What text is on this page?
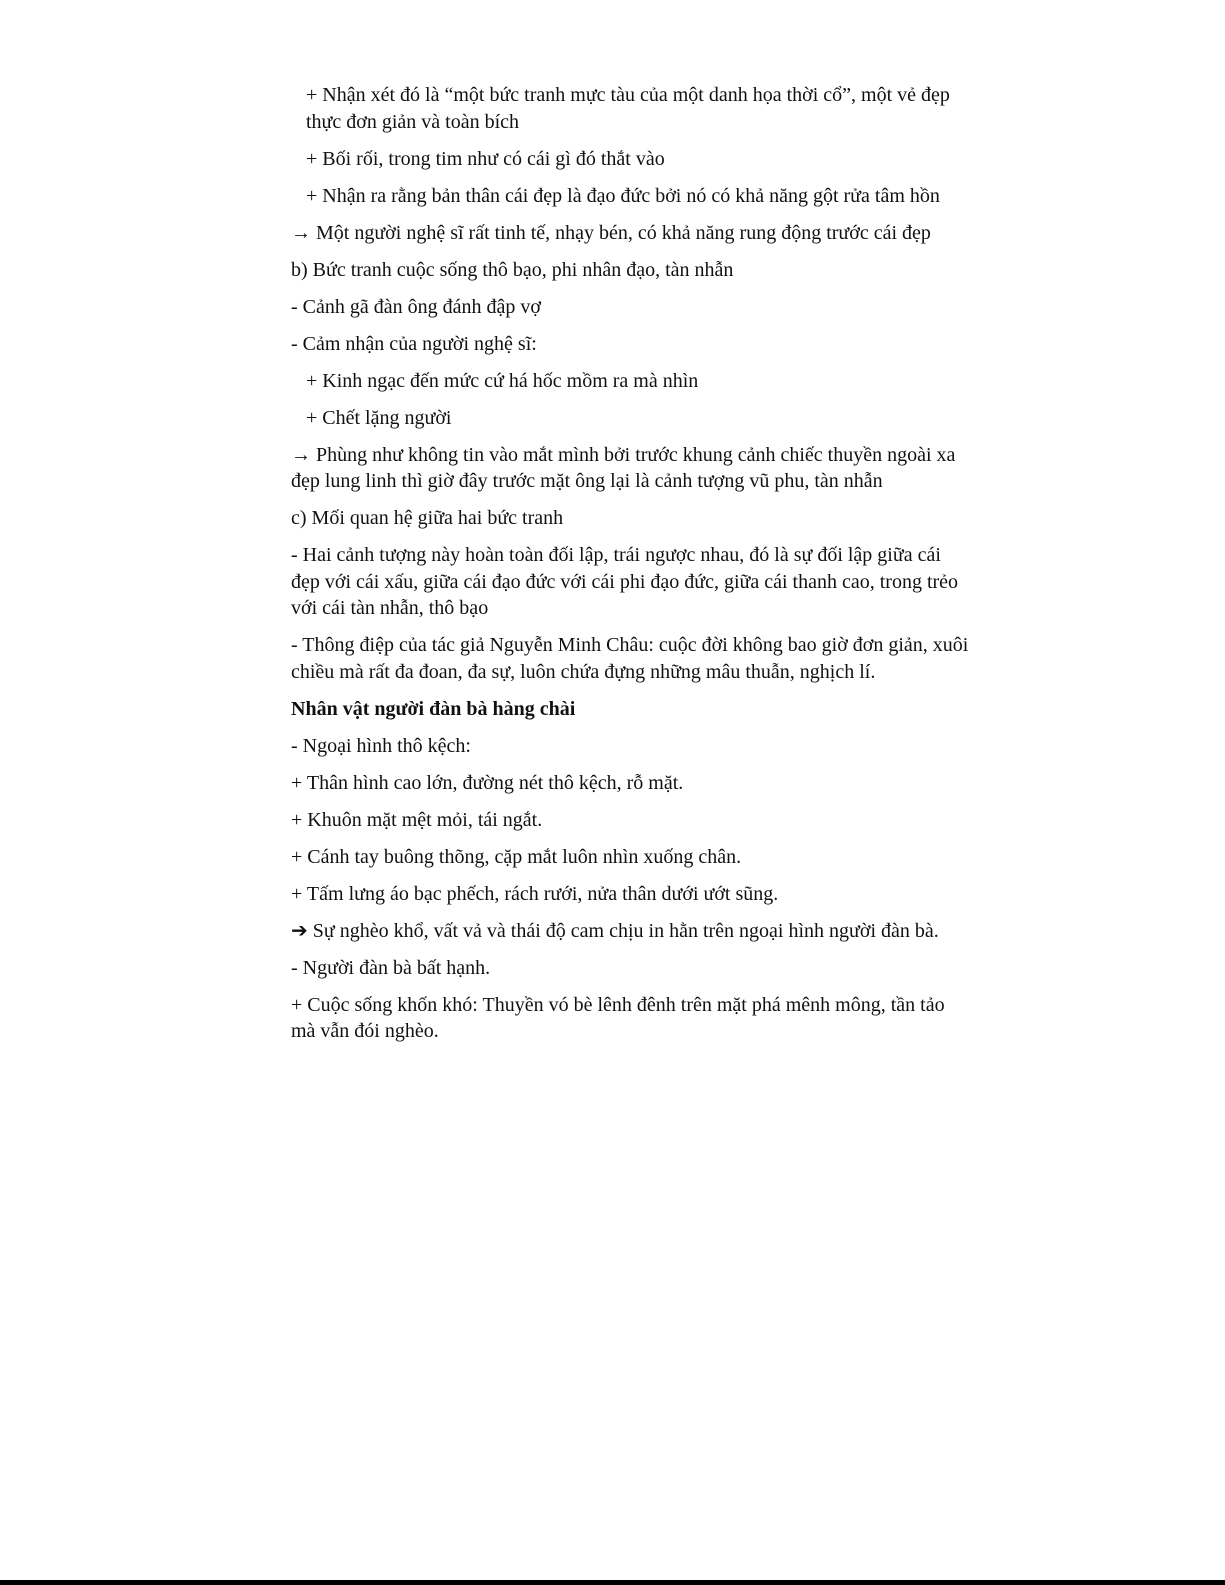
+ Nhận xét đó là “một bức tranh mực tàu của một danh họa thời cổ”, một vẻ đẹp thực đơn giản và toàn bích

+ Bối rối, trong tim như có cái gì đó thắt vào

+ Nhận ra rằng bản thân cái đẹp là đạo đức bởi nó có khả năng gột rửa tâm hồn

→ Một người nghệ sĩ rất tinh tế, nhạy bén, có khả năng rung động trước cái đẹp

b) Bức tranh cuộc sống thô bạo, phi nhân đạo, tàn nhẫn

- Cảnh gã đàn ông đánh đập vợ

- Cảm nhận của người nghệ sĩ:

+ Kinh ngạc đến mức cứ há hốc mồm ra mà nhìn

+ Chết lặng người

→ Phùng như không tin vào mắt mình bởi trước khung cảnh chiếc thuyền ngoài xa đẹp lung linh thì giờ đây trước mặt ông lại là cảnh tượng vũ phu, tàn nhẫn

c) Mối quan hệ giữa hai bức tranh

- Hai cảnh tượng này hoàn toàn đối lập, trái ngược nhau, đó là sự đối lập giữa cái đẹp với cái xấu, giữa cái đạo đức với cái phi đạo đức, giữa cái thanh cao, trong trẻo với cái tàn nhẫn, thô bạo

- Thông điệp của tác giả Nguyễn Minh Châu: cuộc đời không bao giờ đơn giản, xuôi chiều mà rất đa đoan, đa sự, luôn chứa đựng những mâu thuẫn, nghịch lí.

Nhân vật người đàn bà hàng chài

- Ngoại hình thô kệch:

+ Thân hình cao lớn, đường nét thô kệch, rỗ mặt.

+ Khuôn mặt mệt mỏi, tái ngắt.

+ Cánh tay buông thõng, cặp mắt luôn nhìn xuống chân.

+ Tấm lưng áo bạc phếch, rách rưới, nửa thân dưới ướt sũng.

➔ Sự nghèo khổ, vất vả và thái độ cam chịu in hằn trên ngoại hình người đàn bà.

- Người đàn bà bất hạnh.

+ Cuộc sống khốn khó: Thuyền vó bè lênh đênh trên mặt phá mênh mông, tần tảo mà vẫn đói nghèo.
